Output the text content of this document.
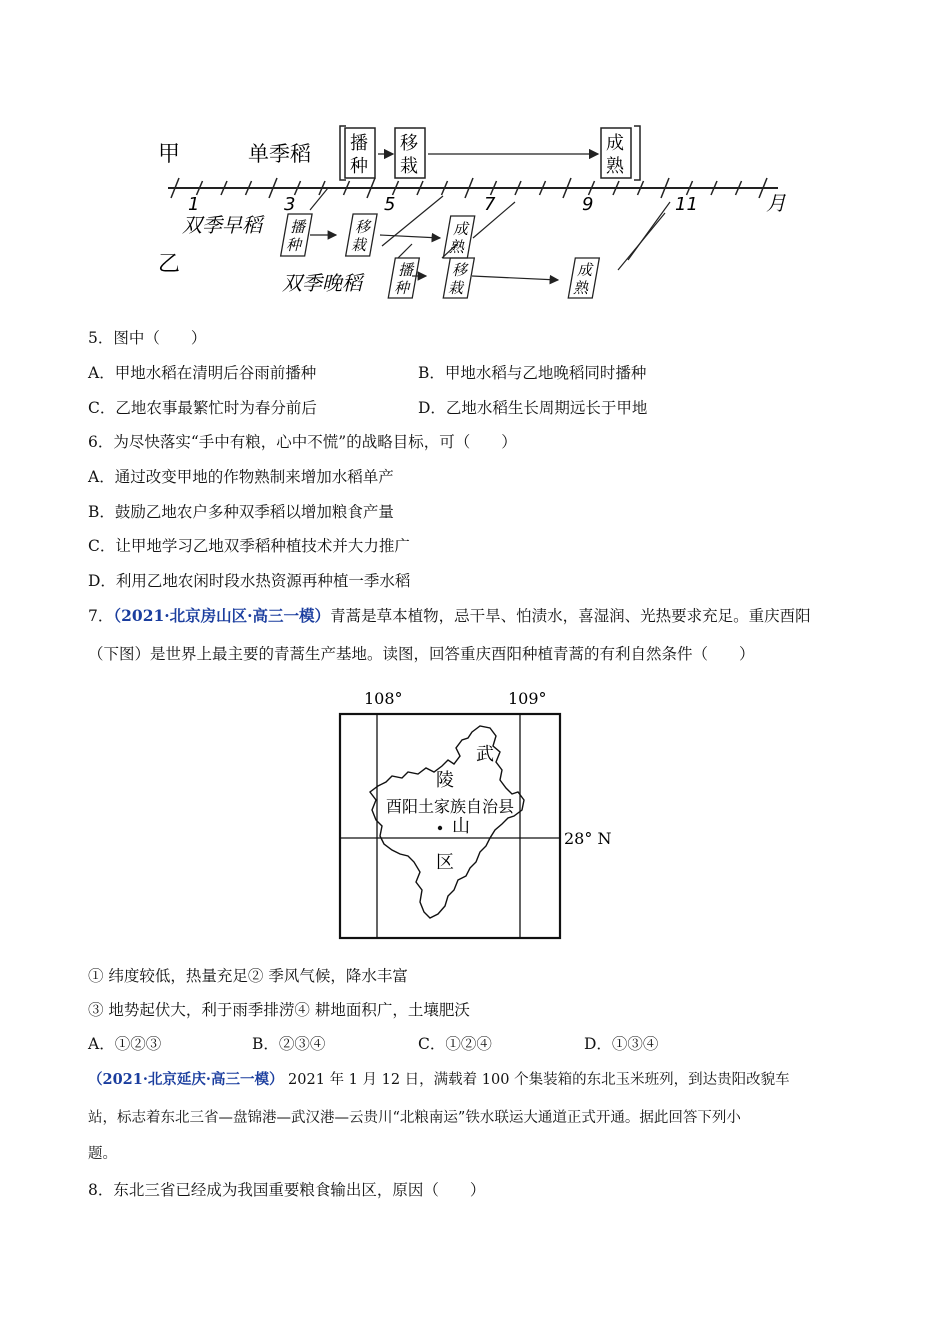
甲
乙
单季稻 播
种
移
栽
成
熟
1	3	5	7	9	11	月
双季早稻 播
种
移
栽
成
熟
双季晚稻
播
种
移
栽
成
熟
5．图中（　　）
A．甲地水稻在清明后谷雨前播种	B．甲地水稻与乙地晚稻同时播种
C．乙地农事最繁忙时为春分前后	D．乙地水稻生长周期远长于甲地
6．为尽快落实“手中有粮，心中不慌”的战略目标，可（　　）
A．通过改变甲地的作物熟制来增加水稻单产
B．鼓励乙地农户多种双季稻以增加粮食产量
C．让甲地学习乙地双季稻种植技术并大力推广
D．利用乙地农闲时段水热资源再种植一季水稻
7．（2021·北京房山区·高三一模）青蒿是草本植物，忌干旱、怕渍水，喜湿润、光热要求充足。重庆酉阳
（下图）是世界上最主要的青蒿生产基地。读图，回答重庆酉阳种植青蒿的有利自然条件（　　）
108°	109°
28° N
武
陵
酉阳土家族自治县
山
区
① 纬度较低，热量充足② 季风气候，降水丰富
③ 地势起伏大，利于雨季排涝④ 耕地面积广，土壤肥沃
A．①②③	B．②③④	C．①②④	D．①③④
（2021·北京延庆·高三一模） 2021 年 1 月 12 日，满载着 100 个集装箱的东北玉米班列，到达贵阳改貌车
站，标志着东北三省—盘锦港—武汉港—云贵川“北粮南运”铁水联运大通道正式开通。据此回答下列小
题。
8．东北三省已经成为我国重要粮食输出区，原因（　　）
